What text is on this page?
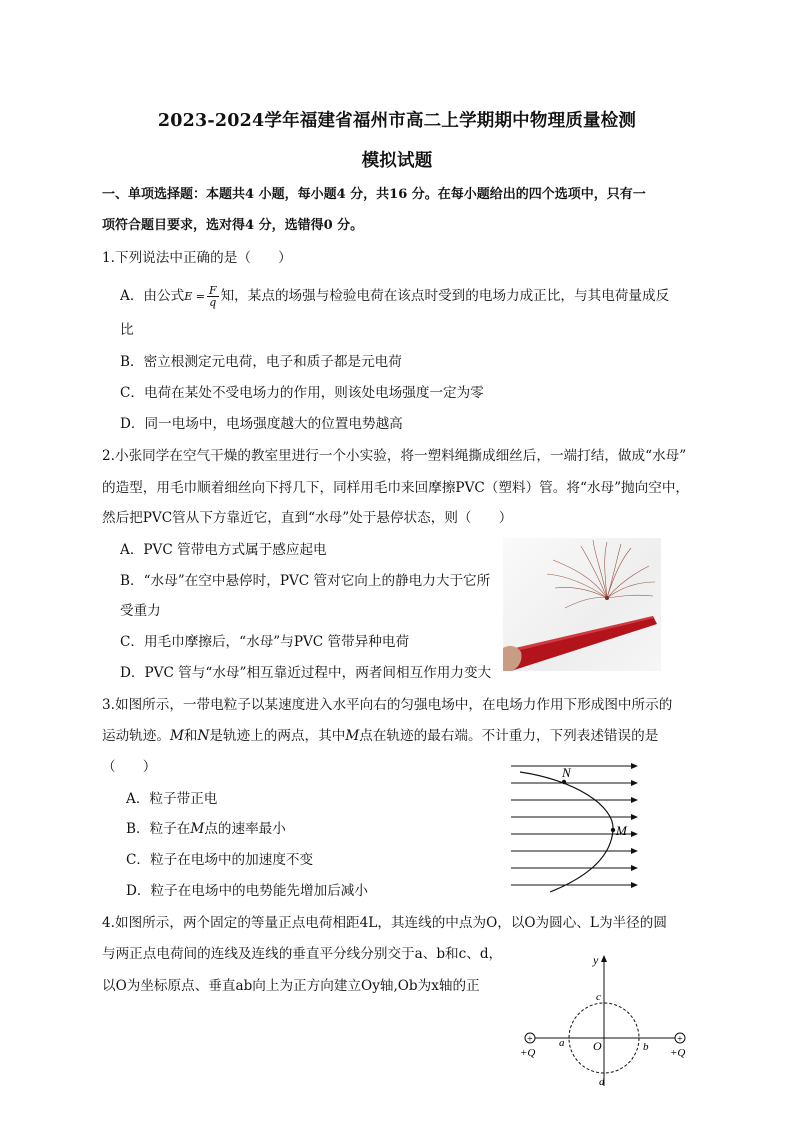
2023-2024学年福建省福州市高二上学期期中物理质量检测
模拟试题
一、单项选择题：本题共4 小题，每小题4 分，共16 分。在每小题给出的四个选项中，只有一
项符合题目要求，选对得4 分，选错得0 分。
1.下列说法中正确的是（　　）
A．由公式$E = \frac{F}{q}$ 知，某点的场强与检验电荷在该点时受到的电场力成正比，与其电荷量成反
比
B．密立根测定元电荷，电子和质子都是元电荷
C．电荷在某处不受电场力的作用，则该处电场强度一定为零
D．同一电场中，电场强度越大的位置电势越高
2.小张同学在空气干燥的教室里进行一个小实验，将一塑料绳撕成细丝后，一端打结，做成“水母”
的造型，用毛巾顺着细丝向下捋几下，同样用毛巾来回摩擦PVC（塑料）管。将“水母”抛向空中，
然后把PVC管从下方靠近它，直到“水母”处于悬停状态，则（　　）
A．PVC 管带电方式属于感应起电
B．“水母”在空中悬停时，PVC 管对它向上的静电力大于它所
受重力
C．用毛巾摩擦后，“水母”与PVC 管带异种电荷
D．PVC 管与“水母”相互靠近过程中，两者间相互作用力变大
3.如图所示，一带电粒子以某速度进入水平向右的匀强电场中，在电场力作用下形成图中所示的
运动轨迹。M和N是轨迹上的两点，其中M点在轨迹的最右端。不计重力，下列表述错误的是
（　　）
A．粒子带正电
B．粒子在M点的速率最小
C．粒子在电场中的加速度不变
D．粒子在电场中的电势能先增加后减小
N
M
4.如图所示，两个固定的等量正点电荷相距4L，其连线的中点为O，以O为圆心、L为半径的圆
与两正点电荷间的连线及连线的垂直平分线分别交于a、b和c、d，
以O为坐标原点、垂直ab向上为正方向建立Oy轴,Ob为x轴的正
+	+
y
c
a O	b
d
+Q	+Q
